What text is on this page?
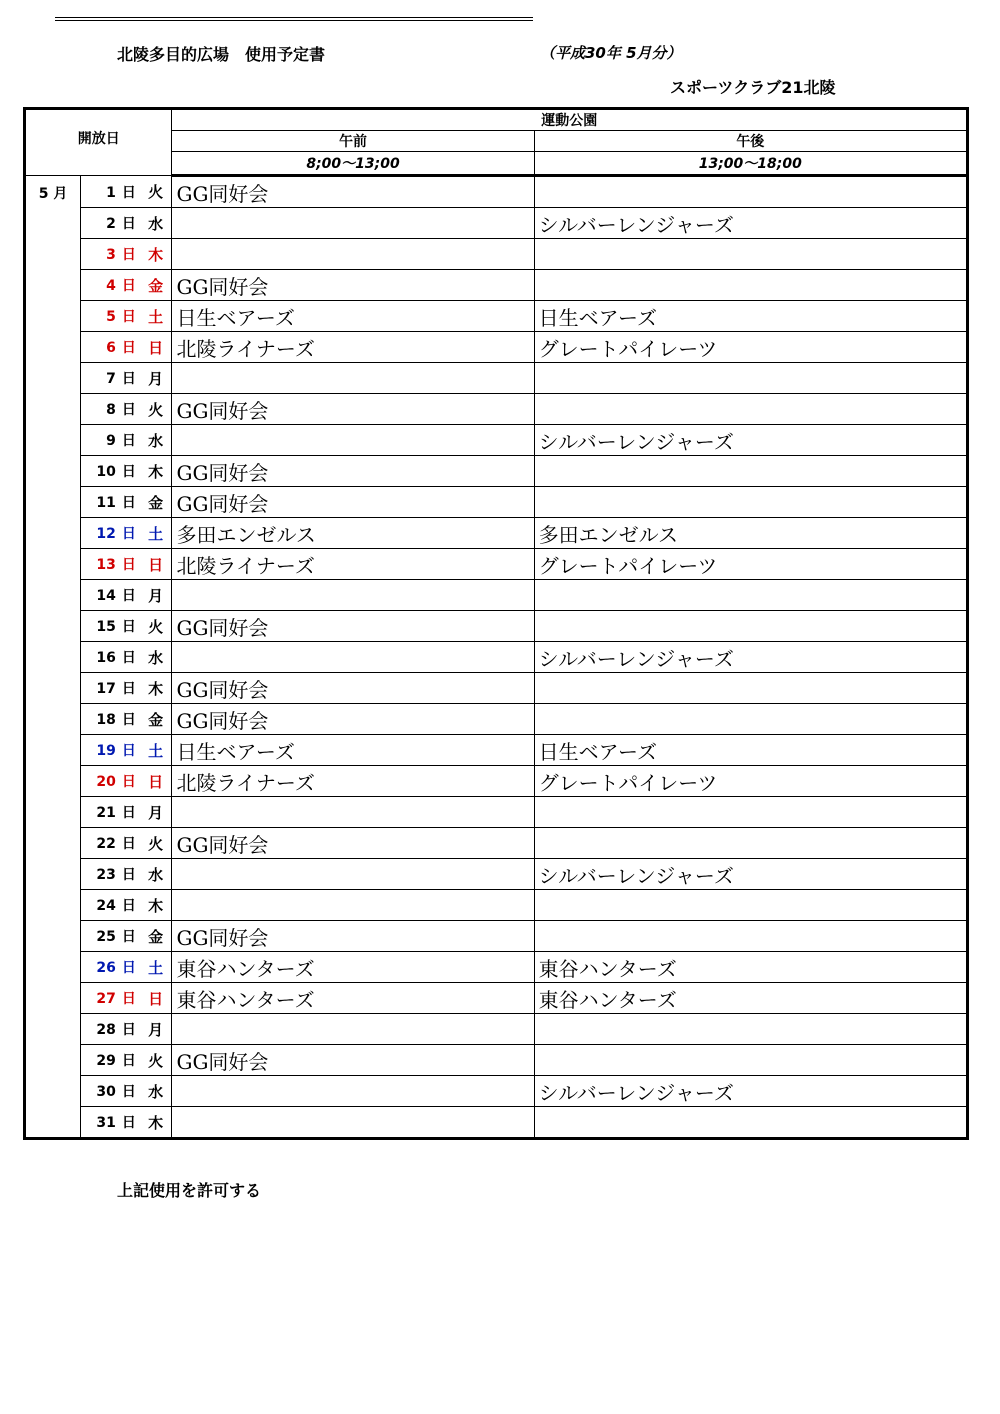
北陵多目的広場　使用予定書	（平成30年 5月分）
スポーツクラブ21北陵
開放日			運動公園	
			午前	午後
			8;00～13;00	13;00～18;00
5 月	1 日	火	GG同好会	
	2 日	水		シルバーレンジャーズ
	3 日	木		
	4 日	金	GG同好会	
	5 日	土	日生ベアーズ	日生ベアーズ
	6 日	日	北陵ライナーズ	グレートパイレーツ
	7 日	月		
	8 日	火	GG同好会	
	9 日	水		シルバーレンジャーズ
	10 日	木	GG同好会	
	11 日	金	GG同好会	
	12 日	土	多田エンゼルス	多田エンゼルス
	13 日	日	北陵ライナーズ	グレートパイレーツ
	14 日	月		
	15 日	火	GG同好会	
	16 日	水		シルバーレンジャーズ
	17 日	木	GG同好会	
	18 日	金	GG同好会	
	19 日	土	日生ベアーズ	日生ベアーズ
	20 日	日	北陵ライナーズ	グレートパイレーツ
	21 日	月		
	22 日	火	GG同好会	
	23 日	水		シルバーレンジャーズ
	24 日	木		
	25 日	金	GG同好会	
	26 日	土	東谷ハンターズ	東谷ハンターズ
	27 日	日	東谷ハンターズ	東谷ハンターズ
	28 日	月		
	29 日	火	GG同好会	
	30 日	水		シルバーレンジャーズ
	31 日	木		
上記使用を許可する
